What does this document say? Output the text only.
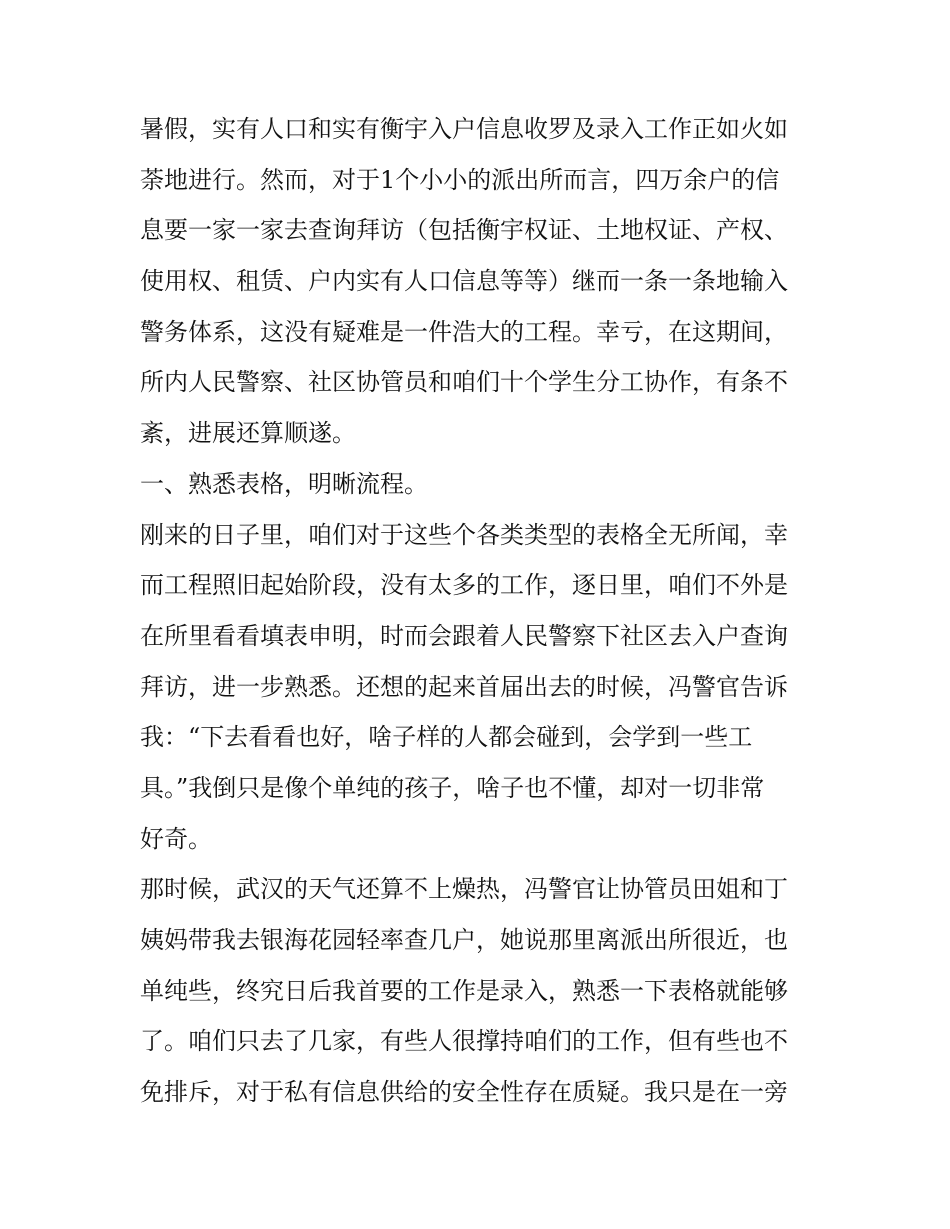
暑假，实有人口和实有衡宇入户信息收罗及录入工作正如火如
荼地进行。然而，对于1个小小的派出所而言，四万余户的信
息要一家一家去查询拜访（包括衡宇权证、土地权证、产权、
使用权、租赁、户内实有人口信息等等）继而一条一条地输入
警务体系，这没有疑难是一件浩大的工程。幸亏，在这期间，
所内人民警察、社区协管员和咱们十个学生分工协作，有条不
紊，进展还算顺遂。
一、熟悉表格，明晰流程。
刚来的日子里，咱们对于这些个各类类型的表格全无所闻，幸
而工程照旧起始阶段，没有太多的工作，逐日里，咱们不外是
在所里看看填表申明，时而会跟着人民警察下社区去入户查询
拜访，进一步熟悉。还想的起来首届出去的时候，冯警官告诉
我：“下去看看也好，啥子样的人都会碰到，会学到一些工
具。”我倒只是像个单纯的孩子，啥子也不懂，却对一切非常
好奇。
那时候，武汉的天气还算不上燥热，冯警官让协管员田姐和丁
姨妈带我去银海花园轻率查几户，她说那里离派出所很近，也
单纯些，终究日后我首要的工作是录入，熟悉一下表格就能够
了。咱们只去了几家，有些人很撑持咱们的工作，但有些也不
免排斥，对于私有信息供给的安全性存在质疑。我只是在一旁
